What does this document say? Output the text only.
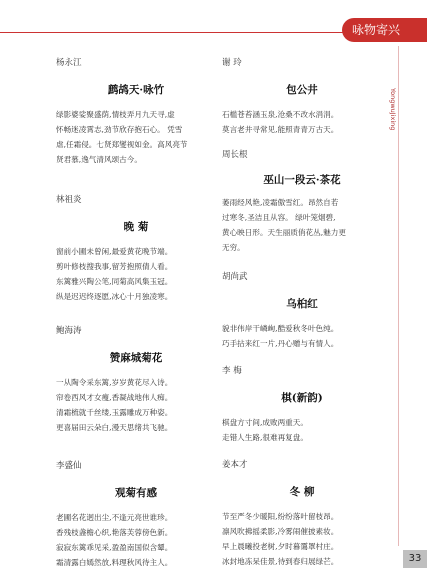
咏物寄兴
YongwuJixing

杨永江

鹧鸪天·咏竹

绿影婆娑聚盛荫,情枝弄月九天寻,虚

怀畅迷凌霄志,劲节欣存抱石心。 凭雪

虐,任霜侵。七贤郑燮视如金。高风亮节

贤君慕,逸气清风颂古今。

林祖炎

晚 菊

窗前小圃未曾闲,最爱黄花晚节端。

剪叶修枝搜我事,留芳抱照倩人看。

东篱雅兴陶公笔,同菊高风集玉冠。

纵是迟迟终逐愿,冰心十月独凌寒。

鲍海涛

赞麻城菊花

一从陶令采东篱,岁岁黄花尽入诗。

帘卷西风才女瘦,香凝战地伟人痴。

清霜梳就千丝缕,玉露雕成万种姿。

更喜届田云朵白,漫天思绪共飞驰。

李盛仙

观菊有感

老圃名花迥出尘,不逢元亮世谁珍。

香残枝盏檐心织,艳落芙蓉傍色新。

寂寂东篱乖见采,盈盈南国似含颦。

霜清露白嫣然放,料理秋风待主人。

谢 玲

包公井

石槛苍苔涵玉泉,沧桑不改水涓涓。

莫言老井寻常见,能照青青万古天。

周长根

巫山一段云·茶花

萎雨经风艳,凌霜傲雪红。昂然自若

过寒冬,圣洁且从容。 绿叶笼烟碧,

黄心映日形。天生丽质俏花丛,魅力更

无穷。

胡尚武

乌桕红

貌非伟岸干嶙峋,酷爱秋冬叶色纯。

巧手拈来红一片,丹心赠与有情人。

李 梅

棋(新韵)

棋盘方寸间,成败两重天。

走错人生路,很难再复盘。

姜本才

冬 柳

节至严冬少暖阳,纷纷落叶留枝昂。

凛风吹拂摇柔影,冷雾闹催披素妆。

早上晨曦投老树,夕时暮霭罩村庄。

冰封地冻呆佳景,待到春归展绿芒。	33
